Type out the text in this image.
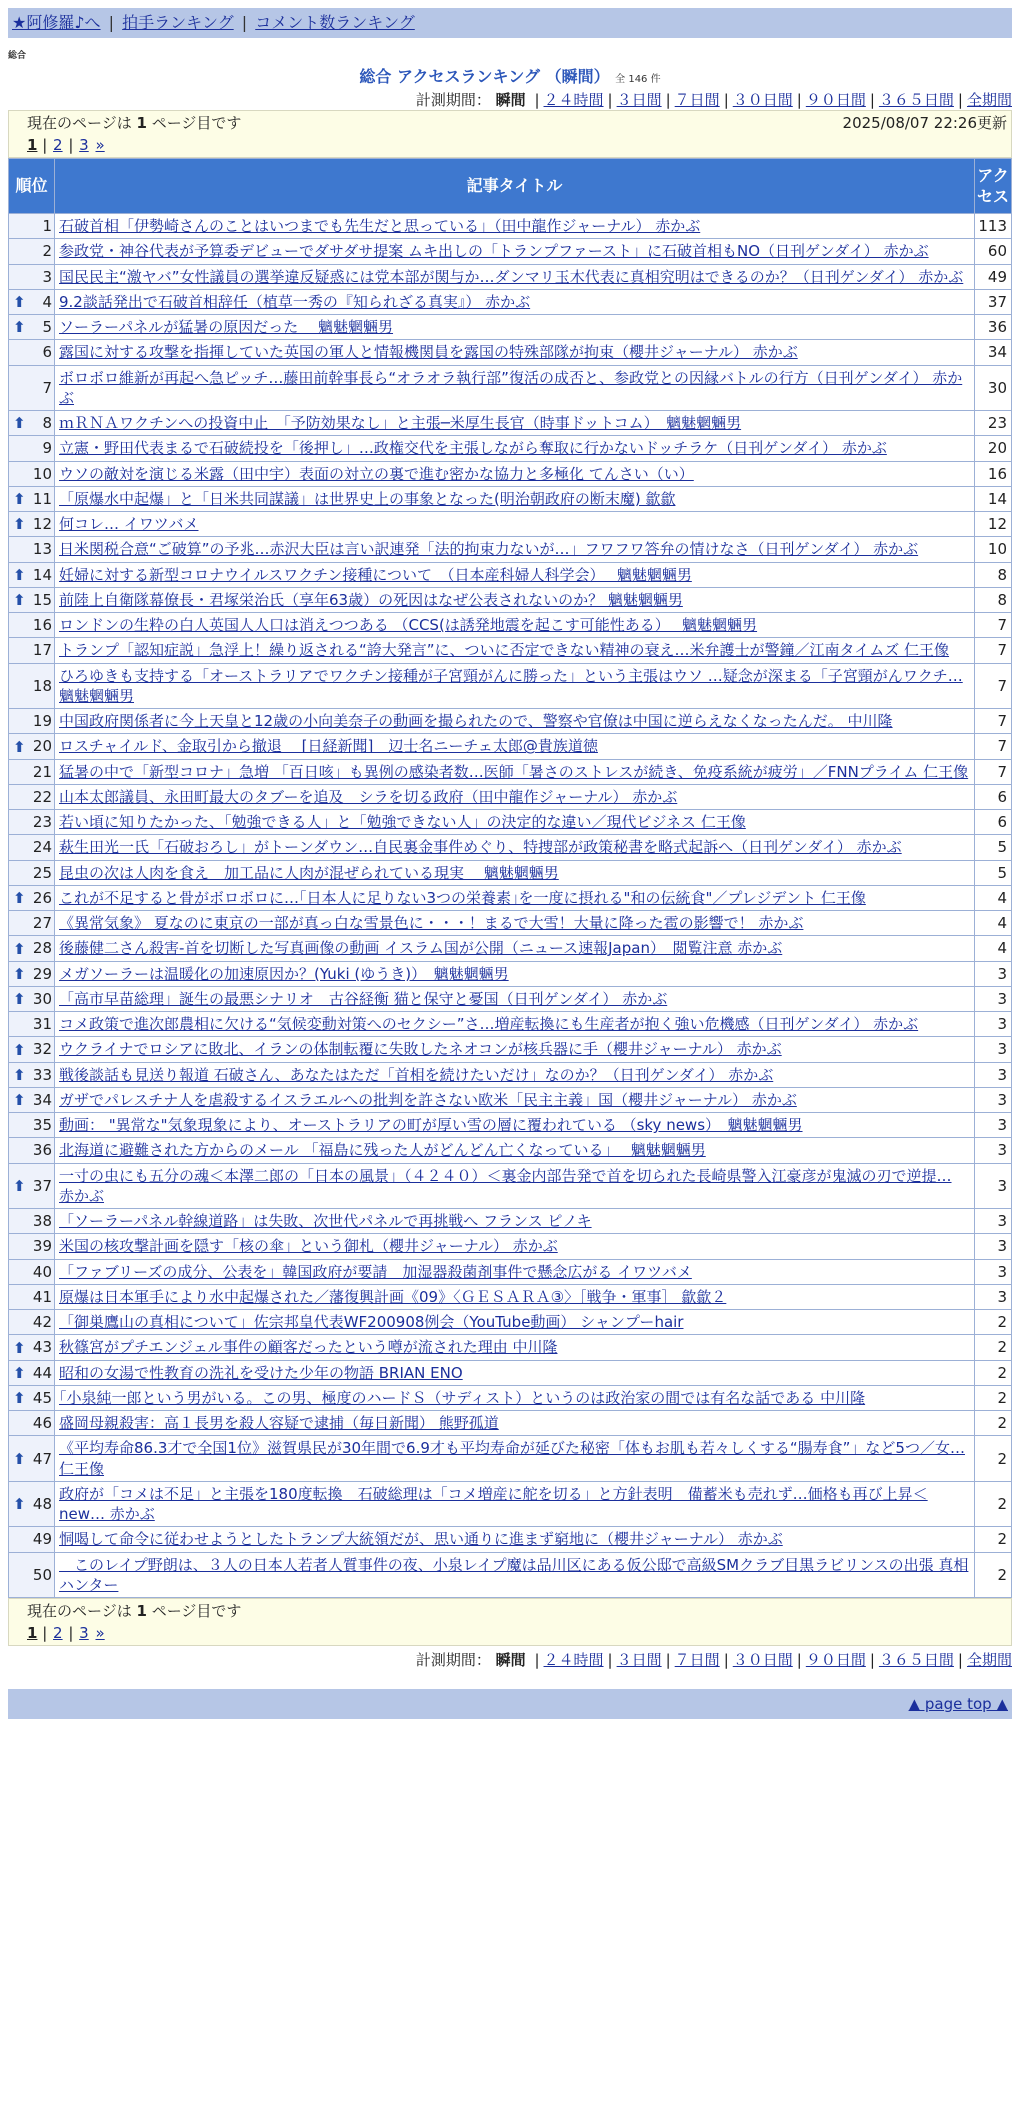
★阿修羅♪へ | 拍手ランキング | コメント数ランキング
総合
総合 アクセスランキング （瞬間） 全 146 件
計測期間： 瞬間 | ２４時間 | ３日間 | ７日間 | ３０日間 | ９０日間 | ３６５日間 | 全期間
現在のページは 1 ページ目です	2025/08/07 22:26更新
1 | 2 | 3 »
順位	記事タイトル	アクセス
1	石破首相「伊勢崎さんのことはいつまでも先生だと思っている」（田中龍作ジャーナル） 赤かぶ	113
2	参政党・神谷代表が予算委デビューでダサダサ提案 ムキ出しの「トランプファースト」に石破首相もNO（日刊ゲンダイ） 赤かぶ	60
3	国民民主“激ヤバ”女性議員の選挙違反疑惑には党本部が関与か…ダンマリ玉木代表に真相究明はできるのか？（日刊ゲンダイ） 赤かぶ	49

⬆ 4	9.2談話発出で石破首相辞任（植草一秀の『知られざる真実』） 赤かぶ	37

⬆ 5	ソーラーパネルが猛暑の原因だった　 魑魅魍魎男	36
6	露国に対する攻撃を指揮していた英国の軍人と情報機関員を露国の特殊部隊が拘束（櫻井ジャーナル） 赤かぶ	34
7	ボロボロ維新が再起へ急ピッチ…藤田前幹事長ら“オラオラ執行部”復活の成否と、参政党との因縁バトルの行方（日刊ゲンダイ） 赤かぶ	30

⬆ 8	ｍＲＮＡワクチンへの投資中止　「予防効果なし」と主張─米厚生長官（時事ドットコム）　魑魅魍魎男	23
9	立憲・野田代表まるで石破続投を「後押し」…政権交代を主張しながら奪取に行かないドッチラケ（日刊ゲンダイ） 赤かぶ	20
10	ウソの敵対を演じる米露（田中宇）表面の対立の裏で進む密かな協力と多極化 てんさい（い）	16

⬆ 11	「原爆水中起爆」と「日米共同謀議」は世界史上の事象となった(明治朝政府の断末魔) 歙歙	14

⬆ 12	何コレ… イワツバメ	12
13	日米関税合意“ご破算”の予兆…赤沢大臣は言い訳連発「法的拘束力ないが…」フワフワ答弁の情けなさ（日刊ゲンダイ） 赤かぶ	10

⬆ 14	妊婦に対する新型コロナウイルスワクチン接種について　（日本産科婦人科学会）　 魑魅魍魎男	8

⬆ 15	前陸上自衛隊幕僚長・君塚栄治氏（享年63歳）の死因はなぜ公表されないのか？ 魑魅魍魎男	8
16	ロンドンの生粋の白人英国人人口は消えつつある （CCS(は誘発地震を起こす可能性ある）　 魑魅魍魎男	7
17	トランプ「認知症説」急浮上！繰り返される“誇大発言”に、ついに否定できない精神の衰え…米弁護士が警鐘／江南タイムズ 仁王像	7
18	ひろゆきも支持する「オーストラリアでワクチン接種が子宮頸がんに勝った」という主張はウソ …疑念が深まる「子宮頸がんワクチ… 魑魅魍魎男	7
19	中国政府関係者に今上天皇と12歳の小向美奈子の動画を撮られたので、警察や官僚は中国に逆らえなくなったんだ。 中川隆	7

⬆ 20	ロスチャイルド、金取引から撤退 　[日経新聞]　辺士名ニーチェ太郎@貴族道徳	7
21	猛暑の中で「新型コロナ」急増 「百日咳」も異例の感染者数…医師「暑さのストレスが続き、免疫系統が疲労」／FNNプライム 仁王像	7
22	山本太郎議員、永田町最大のタブーを追及　シラを切る政府（田中龍作ジャーナル） 赤かぶ	6
23	若い頃に知りたかった、「勉強できる人」と「勉強できない人」の決定的な違い／現代ビジネス 仁王像	6
24	萩生田光一氏「石破おろし」がトーンダウン…自民裏金事件めぐり、特捜部が政策秘書を略式起訴へ（日刊ゲンダイ） 赤かぶ	5
25	昆虫の次は人肉を食え　加工品に人肉が混ぜられている現実　 魑魅魍魎男	5

⬆ 26	これが不足すると骨がボロボロに…｢日本人に足りない3つの栄養素｣を一度に摂れる"和の伝統食"／プレジデント 仁王像	4
27	《異常気象》 夏なのに東京の一部が真っ白な雪景色に・・・！まるで大雪！大量に降った雹の影響で！ 赤かぶ	4

⬆ 28	後藤健二さん殺害-首を切断した写真画像の動画 イスラム国が公開（ニュース速報Japan）　閲覧注意 赤かぶ	4

⬆ 29	メガソーラーは温暖化の加速原因か？(Yuki (ゆうき)）　魑魅魍魎男	3

⬆ 30	「高市早苗総理」誕生の最悪シナリオ　古谷経衡 猫と保守と憂国（日刊ゲンダイ） 赤かぶ	3
31	コメ政策で進次郎農相に欠ける“気候変動対策へのセクシー”さ…増産転換にも生産者が抱く強い危機感（日刊ゲンダイ） 赤かぶ	3

⬆ 32	ウクライナでロシアに敗北、イランの体制転覆に失敗したネオコンが核兵器に手（櫻井ジャーナル） 赤かぶ	3

⬆ 33	戦後談話も見送り報道 石破さん、あなたはただ「首相を続けたいだけ」なのか？（日刊ゲンダイ） 赤かぶ	3

⬆ 34	ガザでパレスチナ人を虐殺するイスラエルへの批判を許さない欧米「民主主義」国（櫻井ジャーナル） 赤かぶ	3
35	動画： "異常な"気象現象により、オーストラリアの町が厚い雪の層に覆われている （sky news）　魑魅魍魎男	3
36	北海道に避難された方からのメール 「福島に残った人がどんどん亡くなっている」　 魑魅魍魎男	3

⬆ 37	一寸の虫にも五分の魂＜本澤二郎の「日本の風景」（４２４０）＜裏金内部告発で首を切られた長崎県警入江豪彦が鬼滅の刃で逆提… 赤かぶ	3
38	「ソーラーパネル幹線道路」は失敗、次世代パネルで再挑戦へ フランス ピノキ	3
39	米国の核攻撃計画を隠す「核の傘」という御札（櫻井ジャーナル） 赤かぶ	3
40	「ファブリーズの成分、公表を」韓国政府が要請　加湿器殺菌剤事件で懸念広がる イワツバメ	3
41	原爆は日本軍手により水中起爆された／藩復興計画《09》〈ＧＥＳＡＲＡ③〉［戦争・軍事］ 歙歙２	3
42	「御巣鷹山の真相について」佐宗邦皇代表WF200908例会（YouTube動画） シャンプーhair	2

⬆ 43	秋篠宮がプチエンジェル事件の顧客だったという噂が流された理由 中川隆	2

⬆ 44	昭和の女湯で性教育の洗礼を受けた少年の物語 BRIAN ENO	2

⬆ 45	｢小泉純一郎という男がいる。この男、極度のハードＳ（サディスト）というのは政治家の間では有名な話である 中川隆	2
46	盛岡母親殺害：高１長男を殺人容疑で逮捕（毎日新聞） 熊野孤道	2

⬆ 47	《平均寿命86.3才で全国1位》滋賀県民が30年間で6.9才も平均寿命が延びた秘密「体もお肌も若々しくする“腸寿食”」など5つ／女… 仁王像	2

⬆ 48	政府が「コメは不足」と主張を180度転換　石破総理は「コメ増産に舵を切る」と方針表明　備蓄米も売れず…価格も再び上昇＜new… 赤かぶ	2
49	恫喝して命令に従わせようとしたトランプ大統領だが、思い通りに進まず窮地に（櫻井ジャーナル） 赤かぶ	2
50	　このレイプ野朗は、３人の日本人若者人質事件の夜、小泉レイプ魔は品川区にある仮公邸で高級SMクラブ目黒ラビリンスの出張 真相ハンター	2
現在のページは 1 ページ目です
1 | 2 | 3 »
計測期間： 瞬間 | ２４時間 | ３日間 | ７日間 | ３０日間 | ９０日間 | ３６５日間 | 全期間
▲ page top ▲
